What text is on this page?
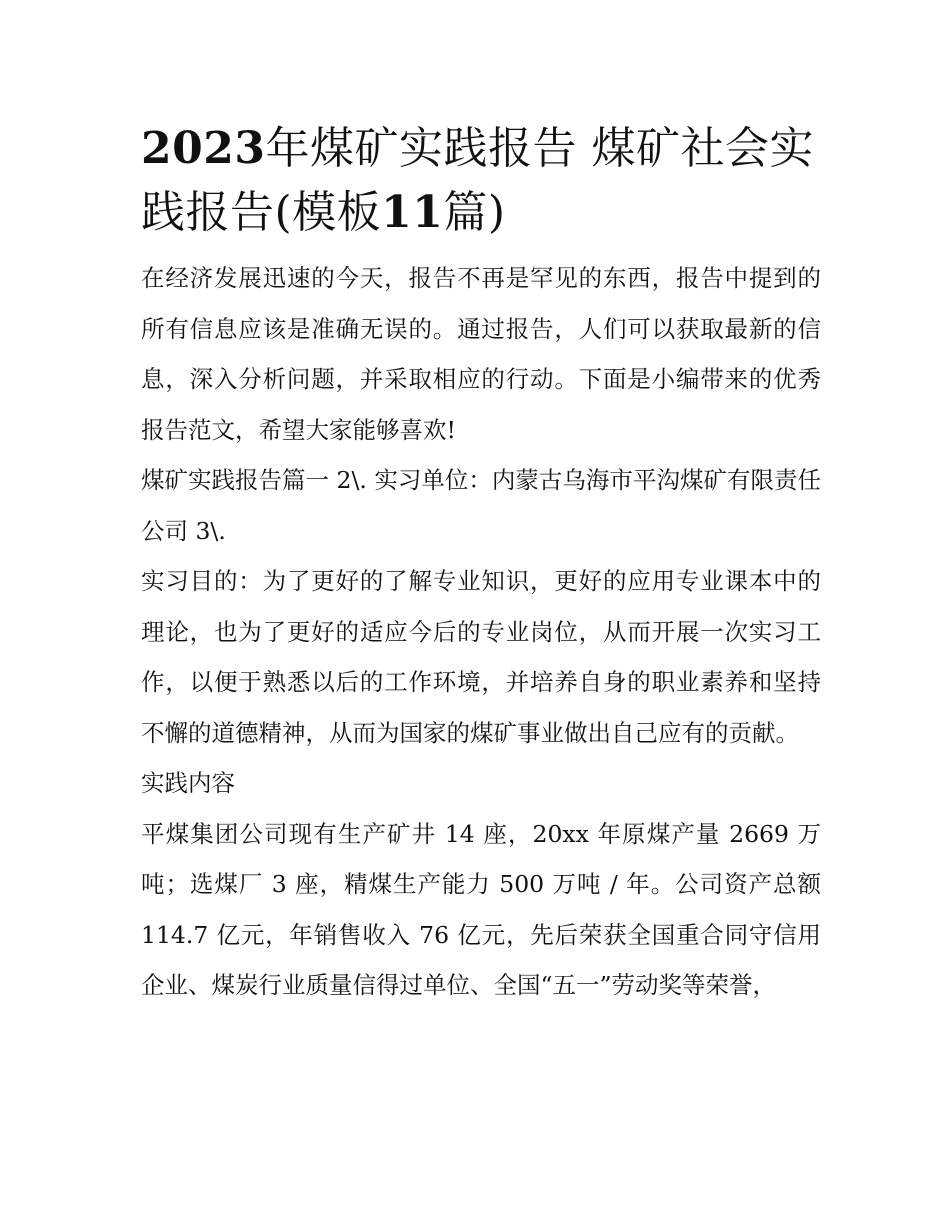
2023年煤矿实践报告 煤矿社会实践报告(模板11篇)

在经济发展迅速的今天，报告不再是罕见的东西，报告中提到的所有信息应该是准确无误的。通过报告，人们可以获取最新的信息，深入分析问题，并采取相应的行动。下面是小编带来的优秀报告范文，希望大家能够喜欢!

煤矿实践报告篇一 2\. 实习单位：内蒙古乌海市平沟煤矿有限责任公司 3\.

实习目的：为了更好的了解专业知识，更好的应用专业课本中的理论，也为了更好的适应今后的专业岗位，从而开展一次实习工作，以便于熟悉以后的工作环境，并培养自身的职业素养和坚持不懈的道德精神，从而为国家的煤矿事业做出自己应有的贡献。

实践内容

平煤集团公司现有生产矿井 14 座，20xx 年原煤产量 2669 万吨；选煤厂 3 座，精煤生产能力 500 万吨 / 年。公司资产总额 114.7 亿元，年销售收入 76 亿元，先后荣获全国重合同守信用企业、煤炭行业质量信得过单位、全国“五一”劳动奖等荣誉，
